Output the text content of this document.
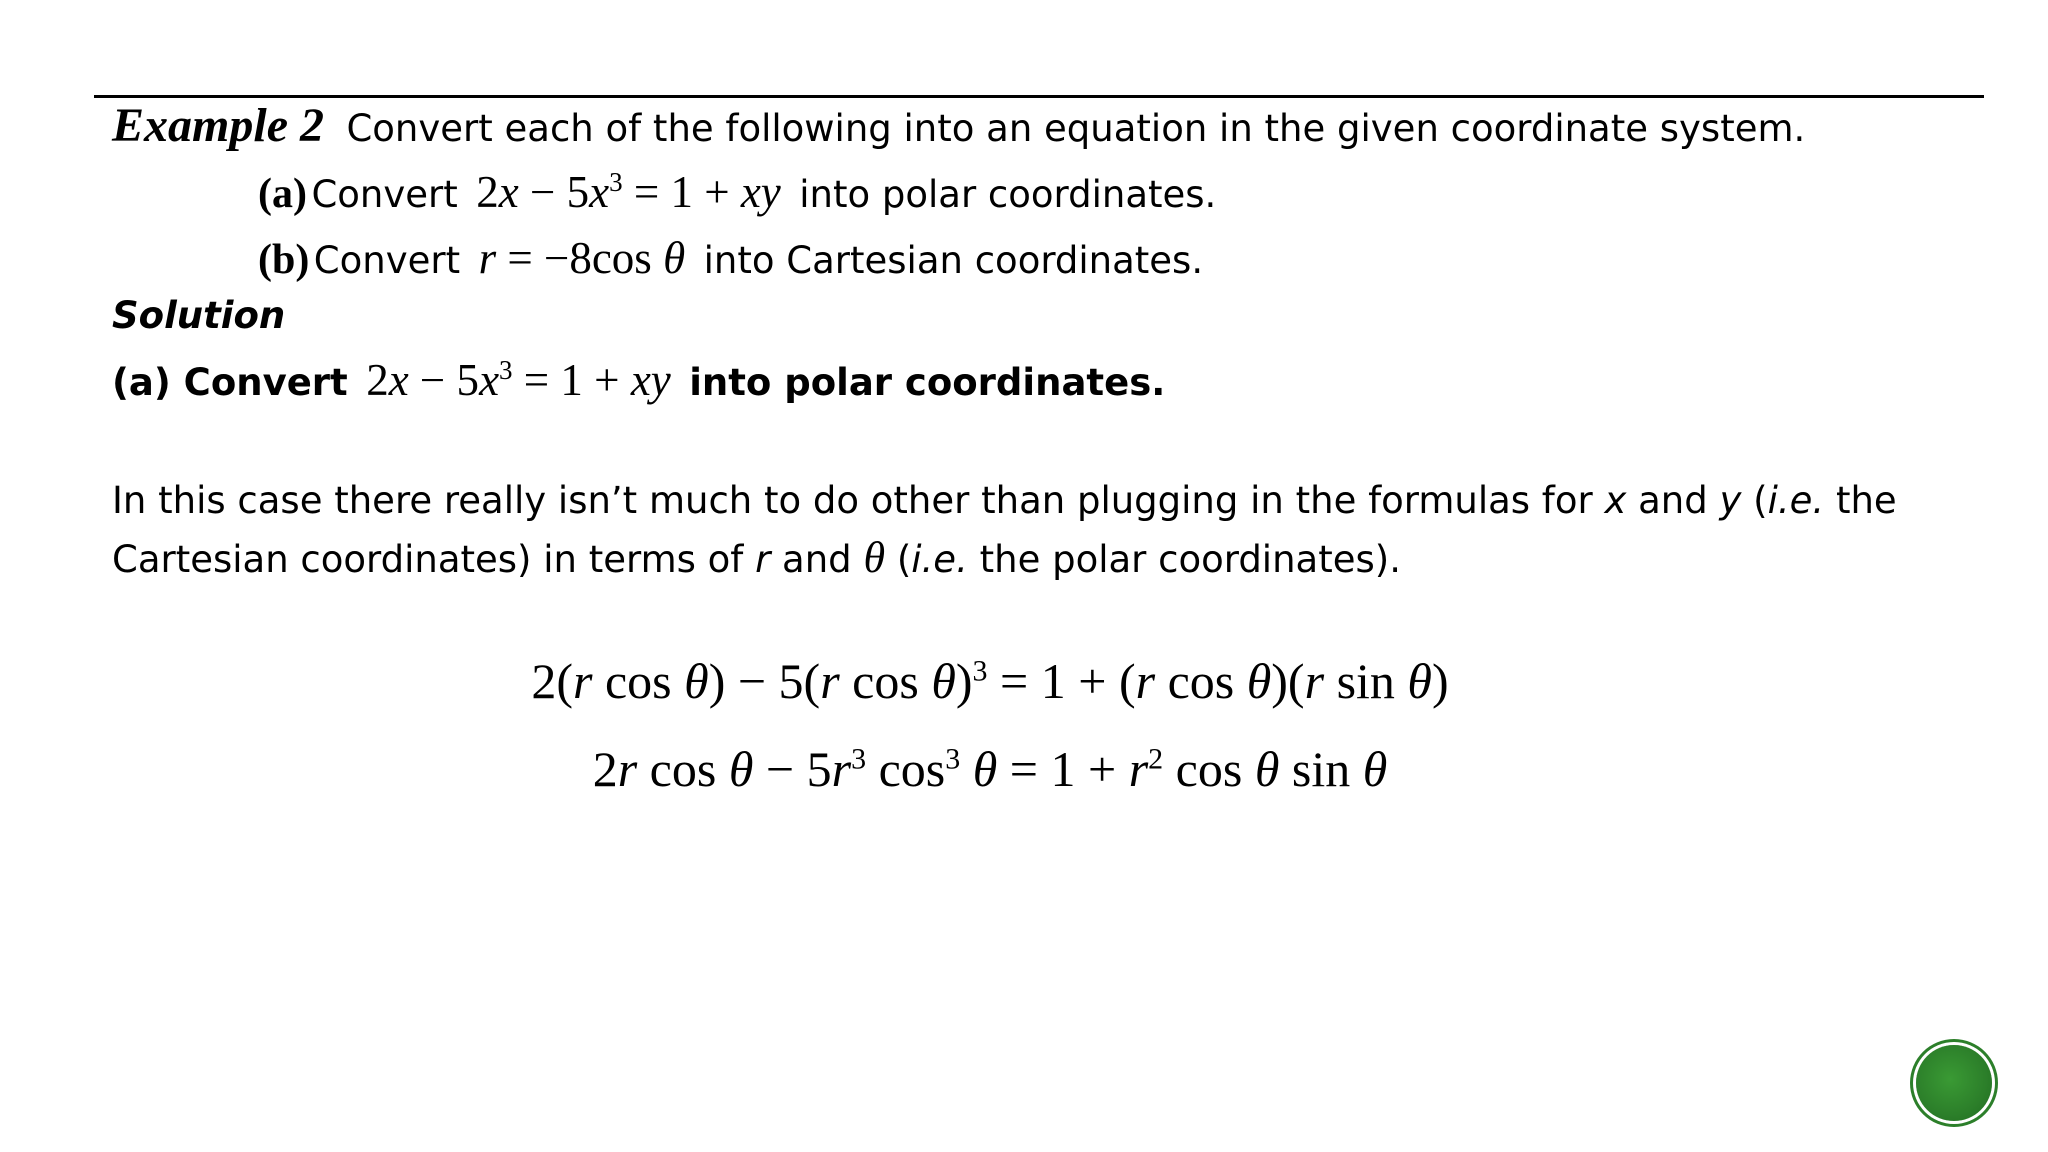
Example 2 Convert each of the following into an equation in the given coordinate system.
(a) Convert $2x - 5x^3 = 1$ + xy into polar coordinates.
(b) Convert r = −8cos θ into Cartesian coordinates.
Solution
(a) Convert $2x - 5x^3 = 1$ + xy into polar coordinates.
In this case there really isn’t much to do other than plugging in the formulas for x and y (i.e. the
Cartesian coordinates) in terms of r and θ (i.e. the polar coordinates).
2(r cos θ) − 5(r cos θ)$^3$ = 1 + (r cos θ)(r sin θ)
2r $\cos \theta - 5r^3$ $\cos^3 \theta = 1 + r^2$ cos θ sin θ
